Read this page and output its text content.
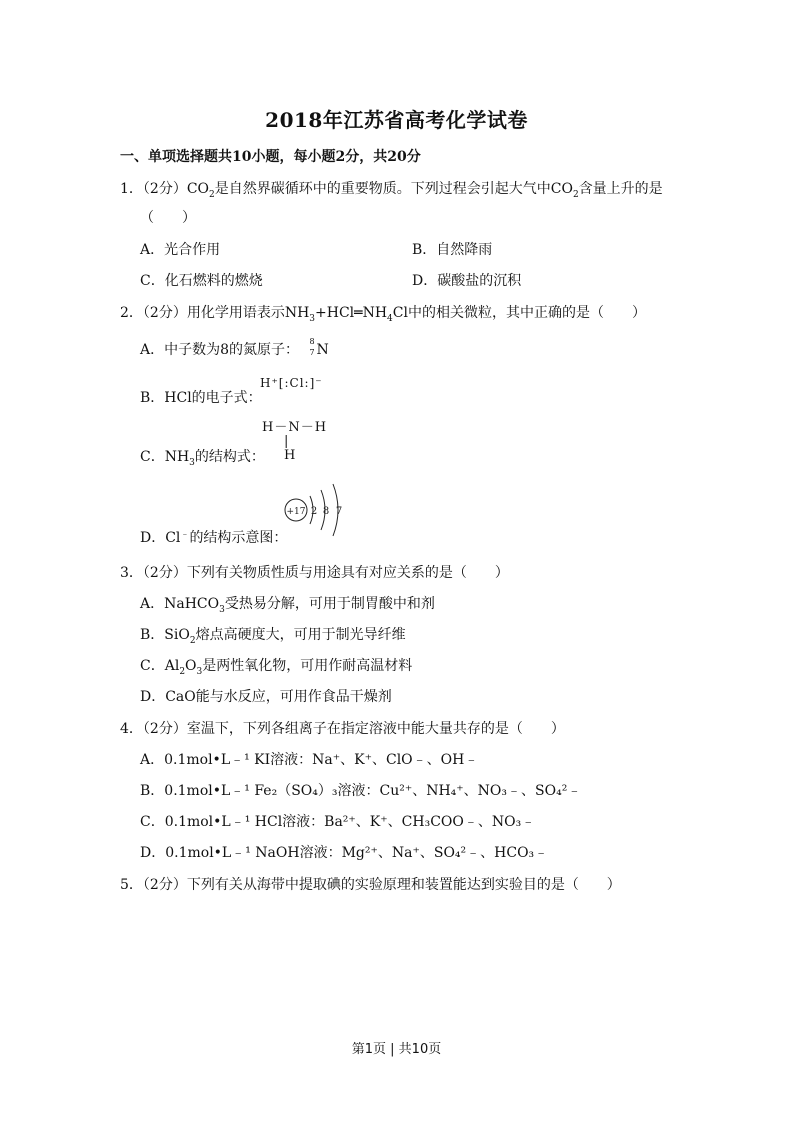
2018年江苏省高考化学试卷
一、单项选择题共10小题，每小题2分，共20分
1．（2分）$CO_2$是自然界碳循环中的重要物质。下列过程会引起大气中$CO_2$含量上升的是
（　　）
A．光合作用	B．自然降雨
C．化石燃料的燃烧	D．碳酸盐的沉积
2．（2分）用化学用语表示$NH_3+HCl═NH_4Cl$中的相关微粒，其中正确的是（　　）
A．中子数为8的氮原子：
8
7 N
B．HCl的电子式：
H⁺[:Cl:]⁻
C．$NH_3$的结构式：
H－N－H
|
H
D．Cl﹣的结构示意图：
+17 2 8 7
3．（2分）下列有关物质性质与用途具有对应关系的是（　　）
A．NaHCO$_3$受热易分解，可用于制胃酸中和剂
B．SiO$_2$熔点高硬度大，可用于制光导纤维
C．$Al_2O_3$是两性氧化物，可用作耐高温材料
D．CaO能与水反应，可用作食品干燥剂
4．（2分）室温下，下列各组离子在指定溶液中能大量共存的是（　　）
A．0.1mol•L﹣¹ KI溶液：Na⁺、K⁺、ClO﹣、OH﹣
B．0.1mol•L﹣¹ Fe₂（SO₄）₃溶液：Cu²⁺、NH₄⁺、NO₃﹣、SO₄²﹣
C．0.1mol•L﹣¹ HCl溶液：Ba²⁺、K⁺、CH₃COO﹣、NO₃﹣
D．0.1mol•L﹣¹ NaOH溶液：Mg²⁺、Na⁺、SO₄²﹣、HCO₃﹣
5．（2分）下列有关从海带中提取碘的实验原理和装置能达到实验目的是（　　）
第1页 | 共10页
